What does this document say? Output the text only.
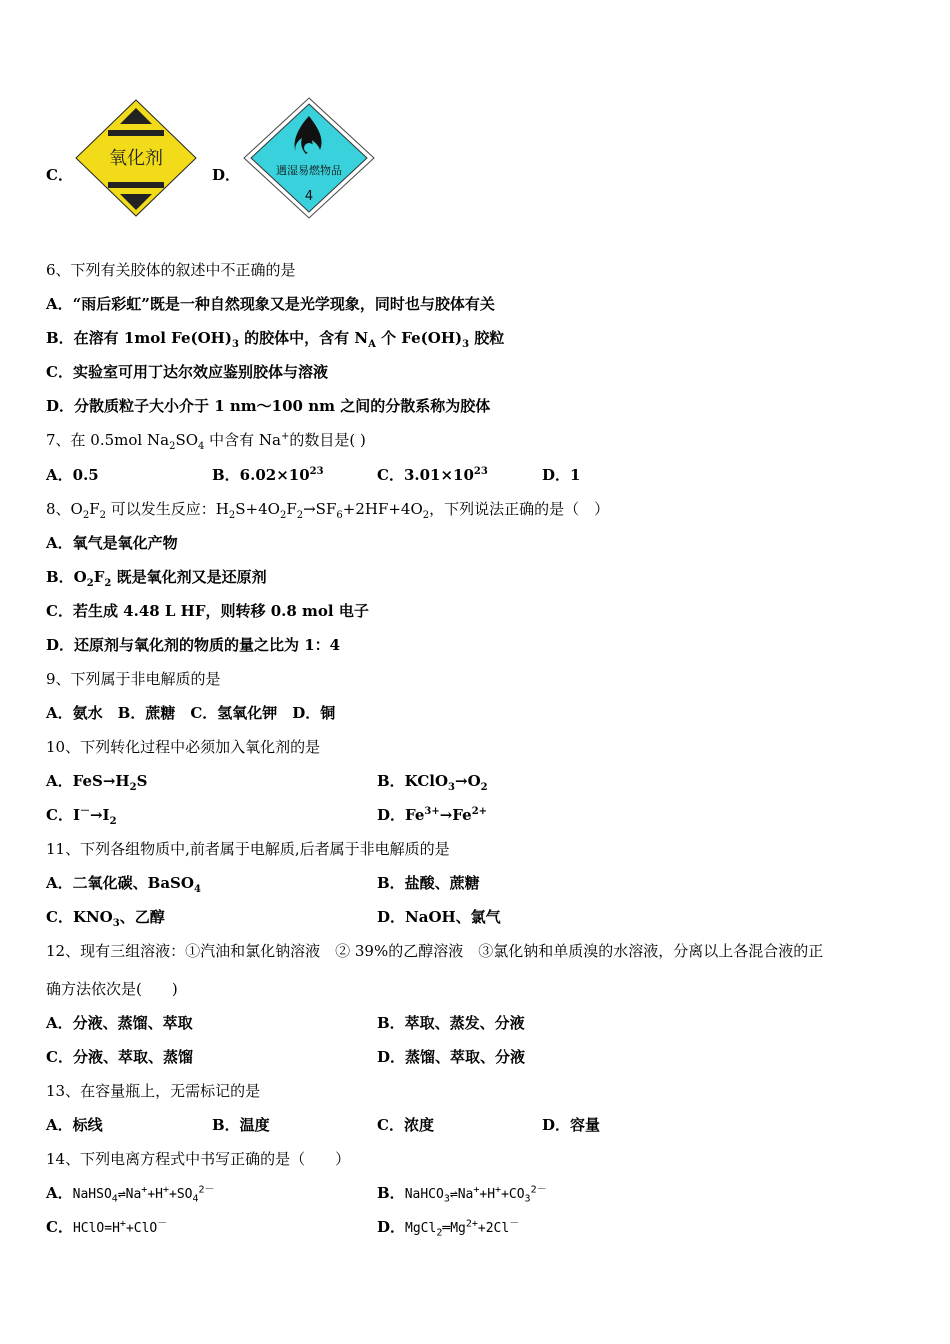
C．
氧化剂
D．	遇湿易燃物品
4
6、下列有关胶体的叙述中不正确的是
A．“雨后彩虹”既是一种自然现象又是光学现象，同时也与胶体有关
B．在溶有 1mol $Fe(OH)_3$ 的胶体中，含有 $N_A$ 个 $Fe(OH)_3$ 胶粒
C．实验室可用丁达尔效应鉴别胶体与溶液
D．分散质粒子大小介于 1 nm～100 nm 之间的分散系称为胶体
7、在 0.5mol $Na_2SO_4$ 中含有 Na+的数目是( )
A．0.5	B．$6.02\times 10^{23}$	C．$3.01\times 10^{23}$	D．1
8、$O_2F_2$ 可以发生反应：$H_2S+4O_2F_2\to SF_6+2HF+4O_2$，下列说法正确的是（　）
A．氧气是氧化产物
B．$O_2F_2$ 既是氧化剂又是还原剂
C．若生成 4.48 L HF，则转移 0.8 mol 电子
D．还原剂与氧化剂的物质的量之比为 1：4
9、下列属于非电解质的是
A．氨水　B．蔗糖　C．氢氧化钾　D．铜
10、下列转化过程中必须加入氧化剂的是
A．$FeS\to H_2S$	B．$KClO_3\to O_2$
C．$I^-\to I_2$	D．$Fe^{3+}\to Fe^{2+}$
11、下列各组物质中,前者属于电解质,后者属于非电解质的是
A．二氧化碳、BaSO$_4$	B．盐酸、蔗糖
C．$KNO_3$、乙醇	D．NaOH、氯气
12、现有三组溶液：①汽油和氯化钠溶液　② 39%的乙醇溶液　③氯化钠和单质溴的水溶液，分离以上各混合液的正
确方法依次是(　　)
A．分液、蒸馏、萃取	B．萃取、蒸发、分液
C．分液、萃取、蒸馏	D．蒸馏、萃取、分液
13、在容量瓶上，无需标记的是
A．标线	B．温度	C．浓度	D．容量
14、下列电离方程式中书写正确的是（　　）
A．$NaHSO_4\rightleftharpoons Na^++H^++SO_4^{2-}$	B．$NaHCO_3\rightleftharpoons Na^++H^++CO_3^{2-}$
C．HClO=H++ClO－	D．$MgCl_2═Mg^{2+}+2Cl^-$
